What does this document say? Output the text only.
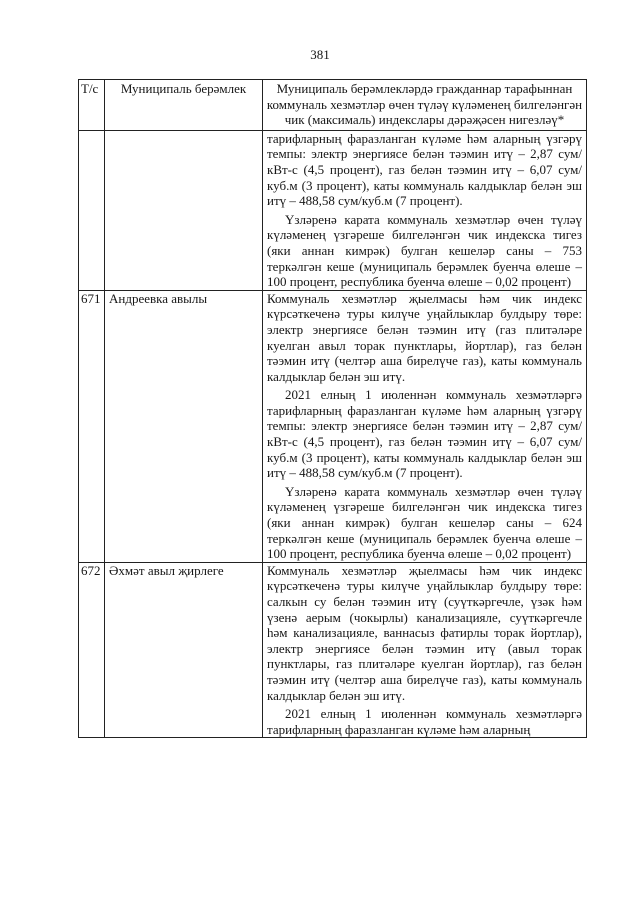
381
Т/с	Муниципаль берәмлек	Муниципаль берәмлекләрдә гражданнар тарафыннан коммуналь хезмәтләр өчен түләү күләменең билгеләнгән чик (максималь) индекслары дәрәҗәсен нигезләү*

		тарифларның фаразланган күләме һәм аларның үзгәрү темпы: электр энергиясе белән тәэмин итү – 2,87 сум/кВт-с (4,5 процент), газ белән тәэмин итү – 6,07 сум/куб.м (3 процент), каты коммуналь калдыклар белән эш итү – 488,58 сум/куб.м (7 процент).

Үзләренә карата коммуналь хезмәтләр өчен түләү күләменең үзгәреше билгеләнгән чик индекска тигез (яки аннан кимрәк) булган кешеләр саны – 753 теркәлгән кеше (муниципаль берәмлек буенча өлеше – 100 процент, республика буенча өлеше – 0,02 процент)

671	Андреевка авылы	Коммуналь хезмәтләр җыелмасы һәм чик индекс күрсәткеченә туры килүче уңайлыклар булдыру төре: электр энергиясе белән тәэмин итү (газ плитәләре куелган авыл торак пунктлары, йортлар), газ белән тәэмин итү (челтәр аша бирелүче газ), каты коммуналь калдыклар белән эш итү.

2021 елның 1 июленнән коммуналь хезмәтләргә тарифларның фаразланган күләме һәм аларның үзгәрү темпы: электр энергиясе белән тәэмин итү – 2,87 сум/кВт-с (4,5 процент), газ белән тәэмин итү – 6,07 сум/куб.м (3 процент), каты коммуналь калдыклар белән эш итү – 488,58 сум/куб.м (7 процент).

Үзләренә карата коммуналь хезмәтләр өчен түләү күләменең үзгәреше билгеләнгән чик индекска тигез (яки аннан кимрәк) булган кешеләр саны – 624 теркәлгән кеше (муниципаль берәмлек буенча өлеше – 100 процент, республика буенча өлеше – 0,02 процент)

672	Әхмәт авыл җирлеге	Коммуналь хезмәтләр җыелмасы һәм чик индекс күрсәткеченә туры килүче уңайлыклар булдыру төре: салкын су белән тәэмин итү (суүткәргечле, үзәк һәм үзенә аерым (чокырлы) канализацияле, суүткәргечле һәм канализацияле, ваннасыз фатирлы торак йортлар), электр энергиясе белән тәэмин итү (авыл торак пунктлары, газ плитәләре куелган йортлар), газ белән тәэмин итү (челтәр аша бирелүче газ), каты коммуналь калдыклар белән эш итү.

2021 елның 1 июленнән коммуналь хезмәтләргә тарифларның фаразланган күләме һәм аларның
